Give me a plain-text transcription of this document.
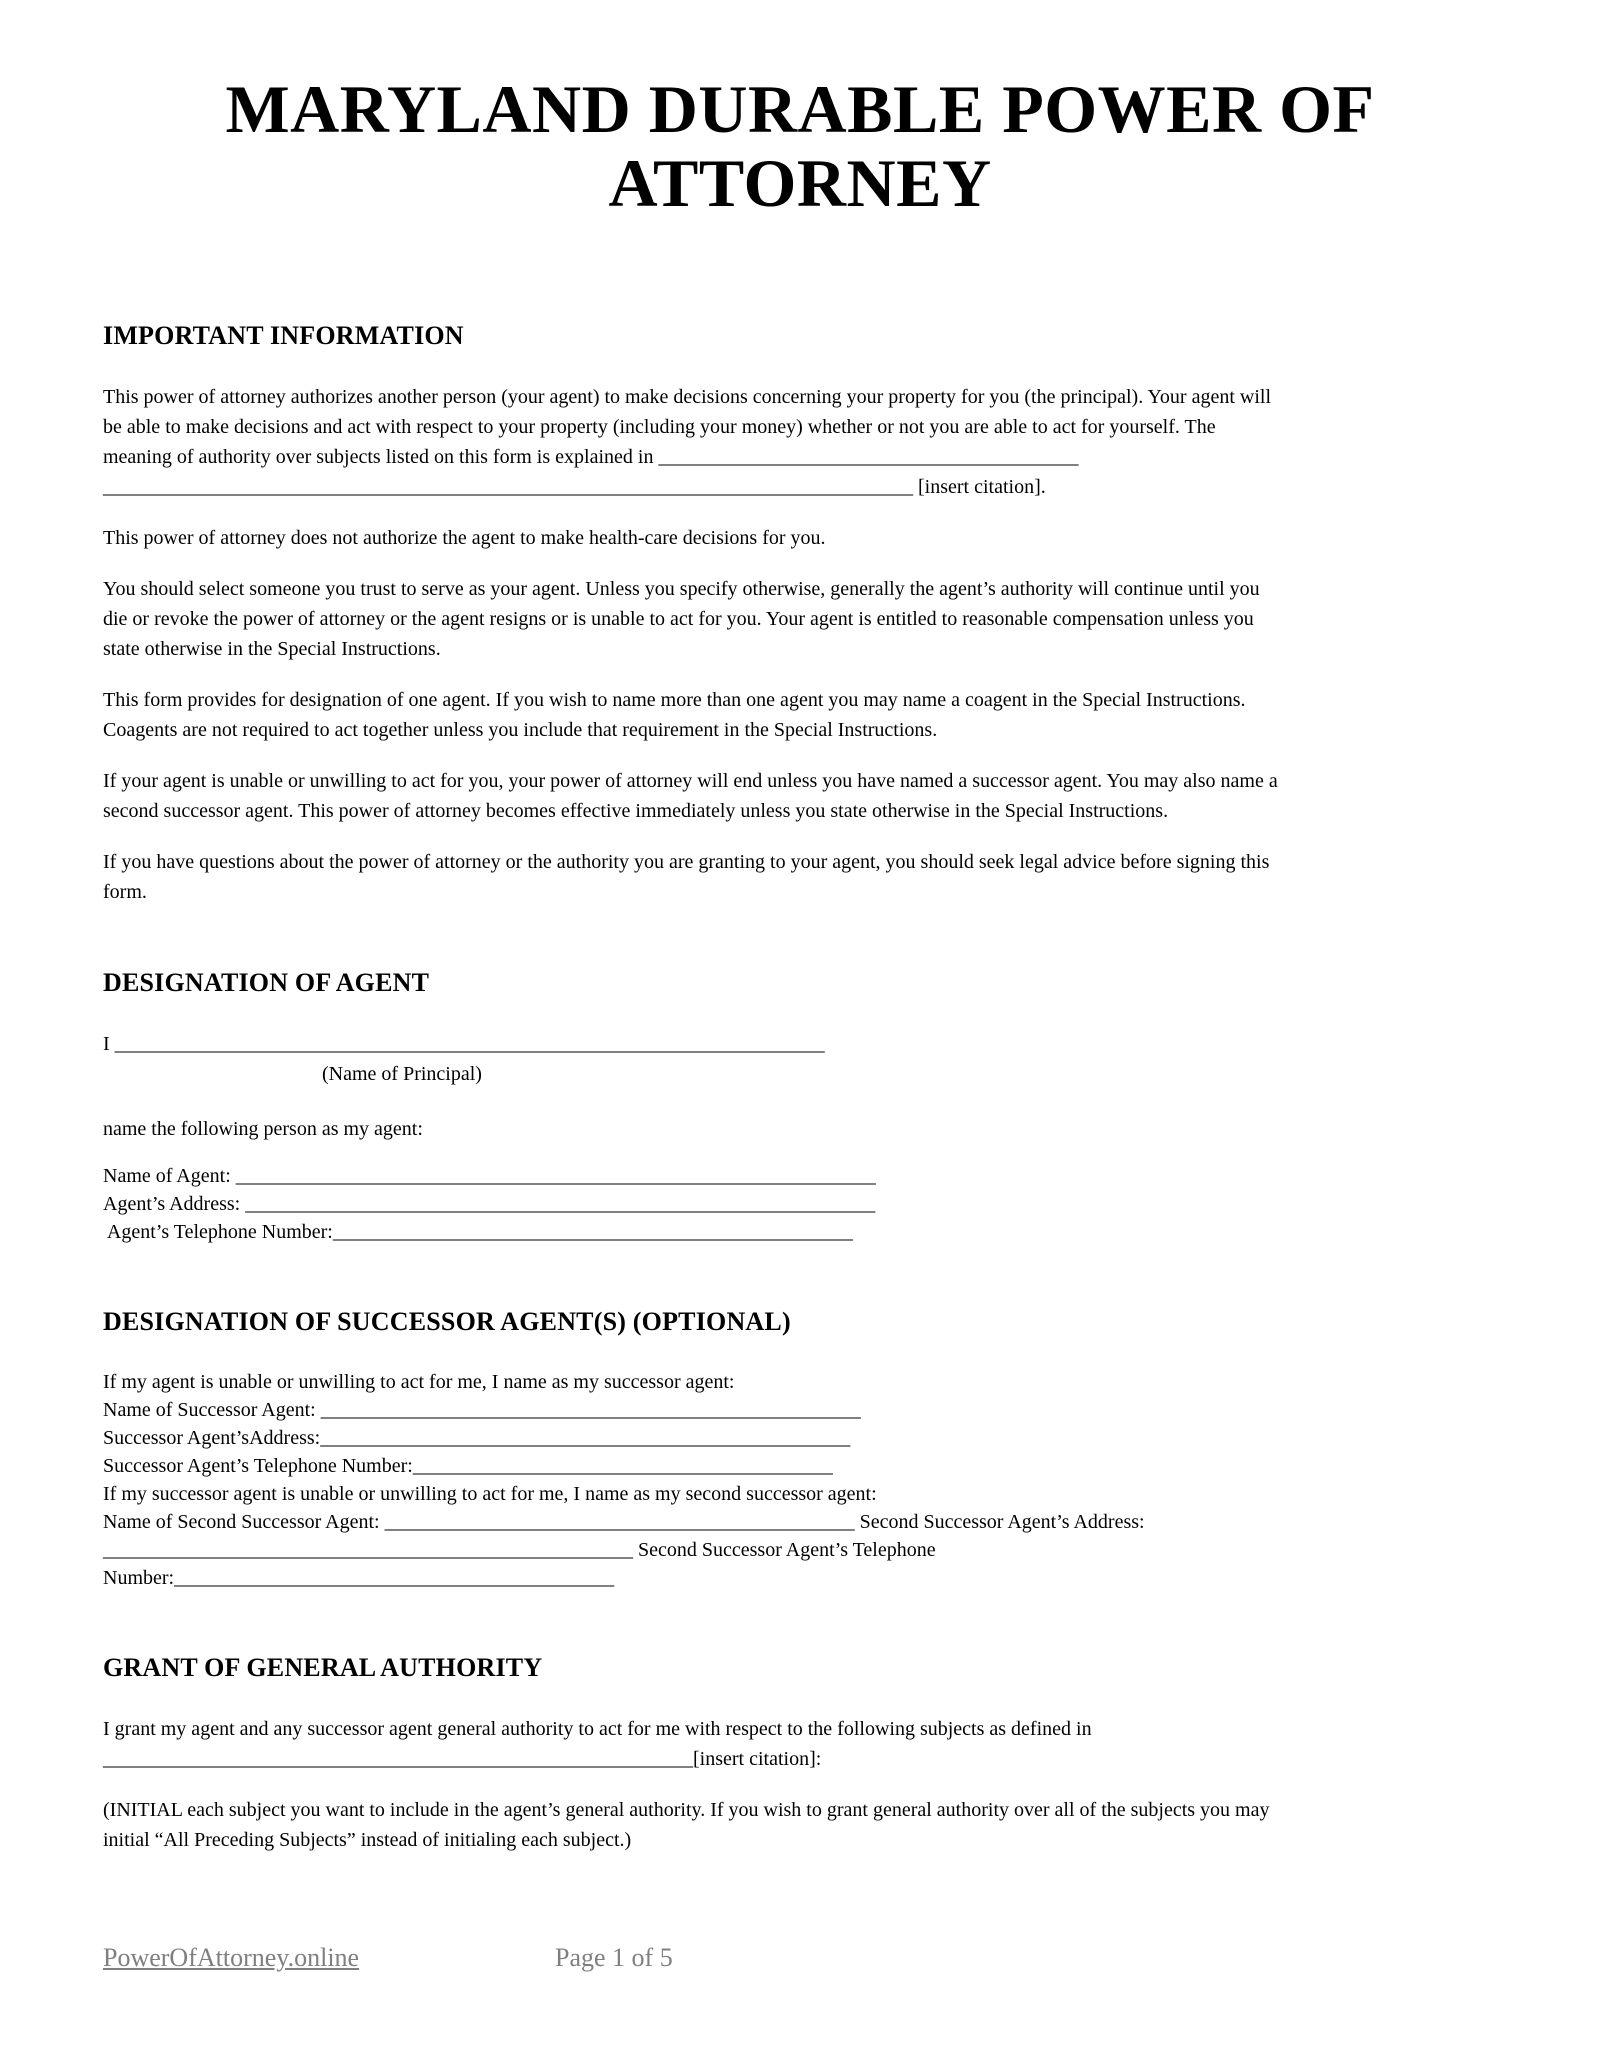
MARYLAND DURABLE POWER OF
ATTORNEY
IMPORTANT INFORMATION
This power of attorney authorizes another person (your agent) to make decisions concerning your property for you (the principal). Your agent will
be able to make decisions and act with respect to your property (including your money) whether or not you are able to act for yourself. The
meaning of authority over subjects listed on this form is explained in __________________________________________
_________________________________________________________________________________ [insert citation].
This power of attorney does not authorize the agent to make health-care decisions for you.
You should select someone you trust to serve as your agent. Unless you specify otherwise, generally the agent’s authority will continue until you
die or revoke the power of attorney or the agent resigns or is unable to act for you. Your agent is entitled to reasonable compensation unless you
state otherwise in the Special Instructions.
This form provides for designation of one agent. If you wish to name more than one agent you may name a coagent in the Special Instructions.
Coagents are not required to act together unless you include that requirement in the Special Instructions.
If your agent is unable or unwilling to act for you, your power of attorney will end unless you have named a successor agent. You may also name a
second successor agent. This power of attorney becomes effective immediately unless you state otherwise in the Special Instructions.
If you have questions about the power of attorney or the authority you are granting to your agent, you should seek legal advice before signing this
form.
DESIGNATION OF AGENT
I _______________________________________________________________________
(Name of Principal)
name the following person as my agent:
Name of Agent: ________________________________________________________________
Agent’s Address: _______________________________________________________________
Agent’s Telephone Number:____________________________________________________
DESIGNATION OF SUCCESSOR AGENT(S) (OPTIONAL)
If my agent is unable or unwilling to act for me, I name as my successor agent:
Name of Successor Agent: ______________________________________________________
Successor Agent’sAddress:_____________________________________________________
Successor Agent’s Telephone Number:__________________________________________
If my successor agent is unable or unwilling to act for me, I name as my second successor agent:
Name of Second Successor Agent: _______________________________________________ Second Successor Agent’s Address:
_____________________________________________________ Second Successor Agent’s Telephone
Number:____________________________________________
GRANT OF GENERAL AUTHORITY
I grant my agent and any successor agent general authority to act for me with respect to the following subjects as defined in
___________________________________________________________[insert citation]:
(INITIAL each subject you want to include in the agent’s general authority. If you wish to grant general authority over all of the subjects you may
initial “All Preceding Subjects” instead of initialing each subject.)
PowerOfAttorney.online	Page 1 of 5
